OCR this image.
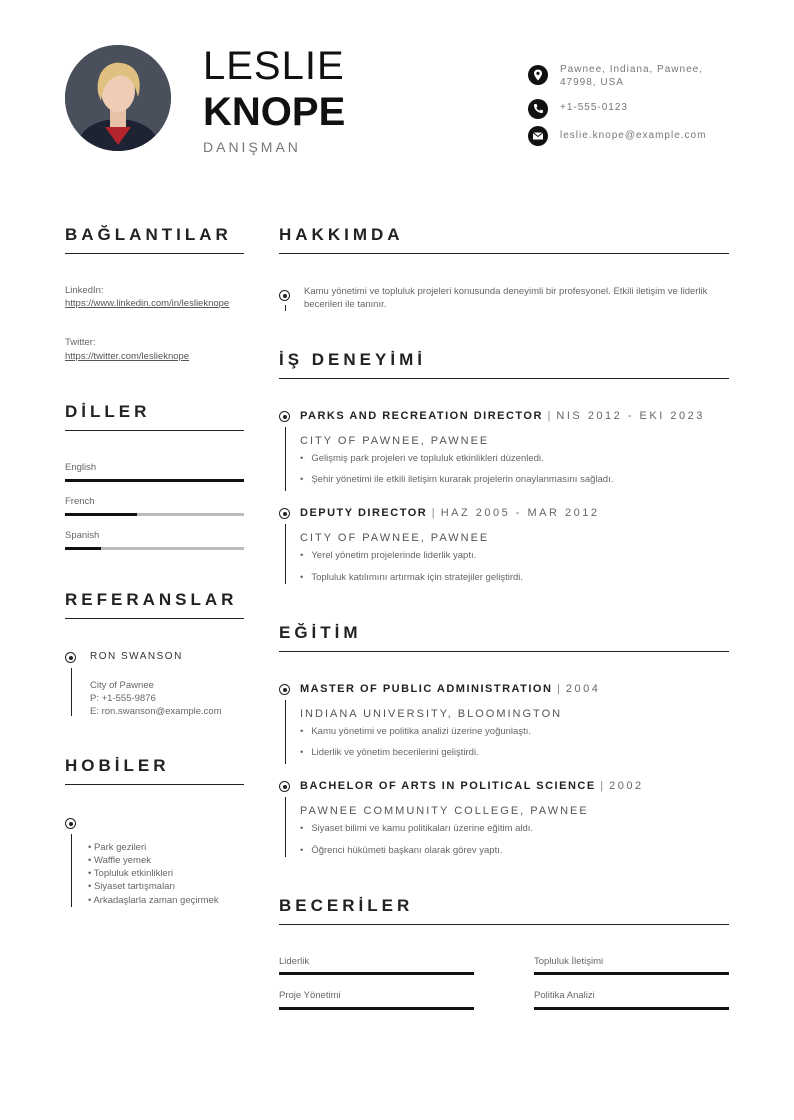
LESLIE
KNOPE
DANIŞMAN
Pawnee, Indiana, Pawnee, 47998, USA
+1-555-0123
leslie.knope@example.com
BAĞLANTILAR
LinkedIn:
https://www.linkedin.com/in/leslieknope
Twitter:
https://twitter.com/leslieknope
DİLLER
English
French
Spanish
REFERANSLAR
RON SWANSON
City of Pawnee
P: +1-555-9876
E: ron.swanson@example.com
HOBİLER
• Park gezileri
• Waffle yemek
• Topluluk etkinlikleri
• Siyaset tartışmaları
• Arkadaşlarla zaman geçirmek
HAKKIMDA
Kamu yönetimi ve topluluk projeleri konusunda deneyimli bir profesyonel. Etkili iletişim ve liderlik becerileri ile tanınır.
İŞ DENEYİMİ
PARKS AND RECREATION DIRECTOR | NIS 2012 - EKI 2023
CITY OF PAWNEE, PAWNEE
• Gelişmiş park projeleri ve topluluk etkinlikleri düzenledi.
• Şehir yönetimi ile etkili iletişim kurarak projelerin onaylanmasını sağladı.
DEPUTY DIRECTOR | HAZ 2005 - MAR 2012
CITY OF PAWNEE, PAWNEE
• Yerel yönetim projelerinde liderlik yaptı.
• Topluluk katılımını artırmak için stratejiler geliştirdi.
EĞİTİM
MASTER OF PUBLIC ADMINISTRATION | 2004
INDIANA UNIVERSITY, BLOOMINGTON
• Kamu yönetimi ve politika analizi üzerine yoğunlaştı.
• Liderlik ve yönetim becerilerini geliştirdi.
BACHELOR OF ARTS IN POLITICAL SCIENCE | 2002
PAWNEE COMMUNITY COLLEGE, PAWNEE
• Siyaset bilimi ve kamu politikaları üzerine eğitim aldı.
• Öğrenci hükümeti başkanı olarak görev yaptı.
BECERİLER
Liderlik	Topluluk İletişimi
Proje Yönetimi	Politika Analizi
